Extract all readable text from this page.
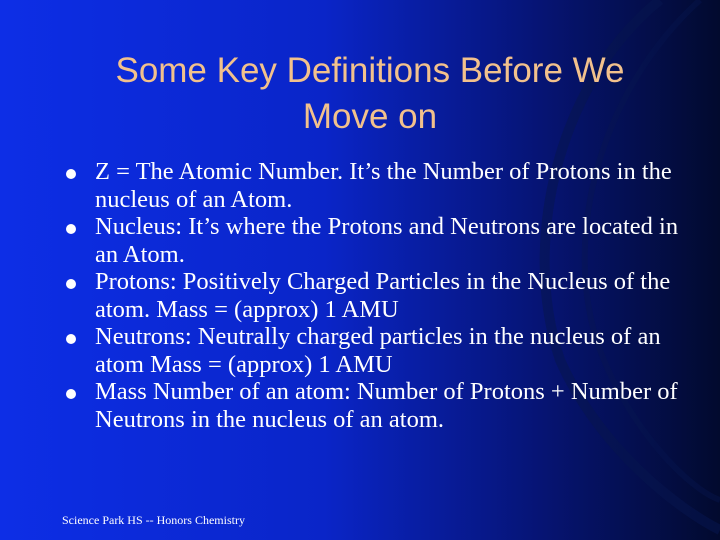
Some Key Definitions Before We
Move on
Z = The Atomic Number. It’s the Number of Protons in the nucleus of an Atom.
Nucleus: It’s where the Protons and Neutrons are located in an Atom.
Protons: Positively Charged Particles in the Nucleus of the atom. Mass = (approx) 1 AMU
Neutrons: Neutrally charged particles in the nucleus of an atom Mass = (approx) 1 AMU
Mass Number of an atom: Number of Protons + Number of Neutrons in the nucleus of an atom.
Science Park HS -- Honors Chemistry
